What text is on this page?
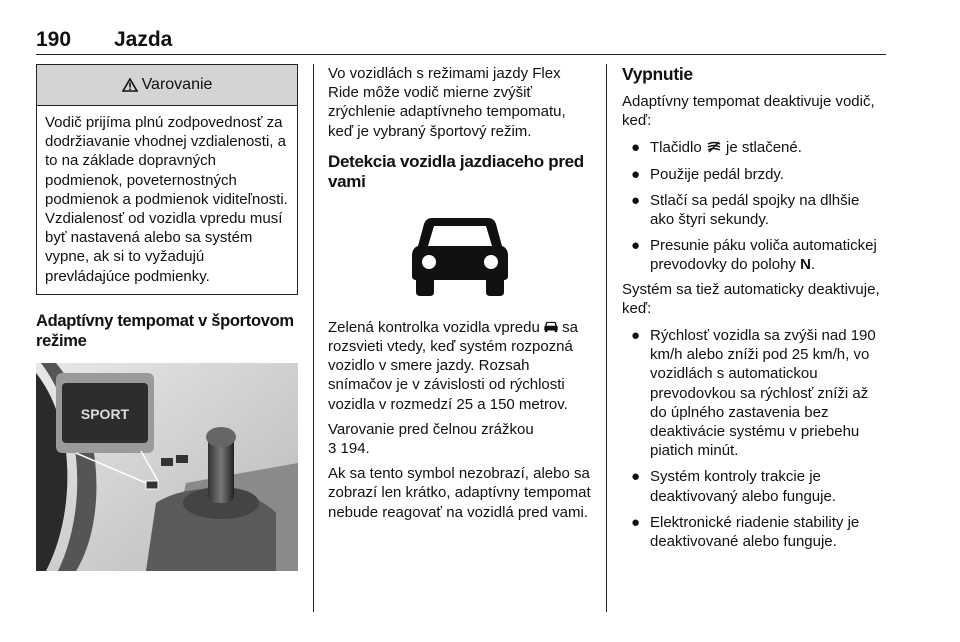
190 Jazda
Varovanie

Vodič prijíma plnú zodpovednosť za dodržiavanie vhodnej vzdialenosti, a to na základe dopravných podmienok, poveternostných podmienok a podmienok viditeľnosti.

Vzdialenosť od vozidla vpredu musí byť nastavená alebo sa systém vypne, ak si to vyžadujú prevládajúce podmienky.

Adaptívny tempomat v športovom režime
SPORT

Vo vozidlách s režimami jazdy Flex Ride môže vodič mierne zvýšiť zrýchlenie adaptívneho tempomatu, keď je vybraný športový režim.

Detekcia vozidla jazdiaceho pred vami

Zelená kontrolka vozidla vpredu sa rozsvieti vtedy, keď systém rozpozná vozidlo v smere jazdy. Rozsah snímačov je v závislosti od rýchlosti vozidla v rozmedzí 25 a 150 metrov.

Varovanie pred čelnou zrážkou
3 194.

Ak sa tento symbol nezobrazí, alebo sa zobrazí len krátko, adaptívny tempomat nebude reagovať na vozidlá pred vami.

Vypnutie

Adaptívny tempomat deaktivuje vodič, keď:

● Tlačidlo je stlačené.
● Použije pedál brzdy.
● Stlačí sa pedál spojky na dlhšie ako štyri sekundy.
● Presunie páku voliča automatickej prevodovky do polohy N.

Systém sa tiež automaticky deaktivuje, keď:

● Rýchlosť vozidla sa zvýši nad 190 km/h alebo zníži pod 25 km/h, vo vozidlách s automatickou prevodovkou sa rýchlosť zníži až do úplného zastavenia bez deaktivácie systému v priebehu piatich minút.
● Systém kontroly trakcie je deaktivovaný alebo funguje.
● Elektronické riadenie stability je deaktivované alebo funguje.
